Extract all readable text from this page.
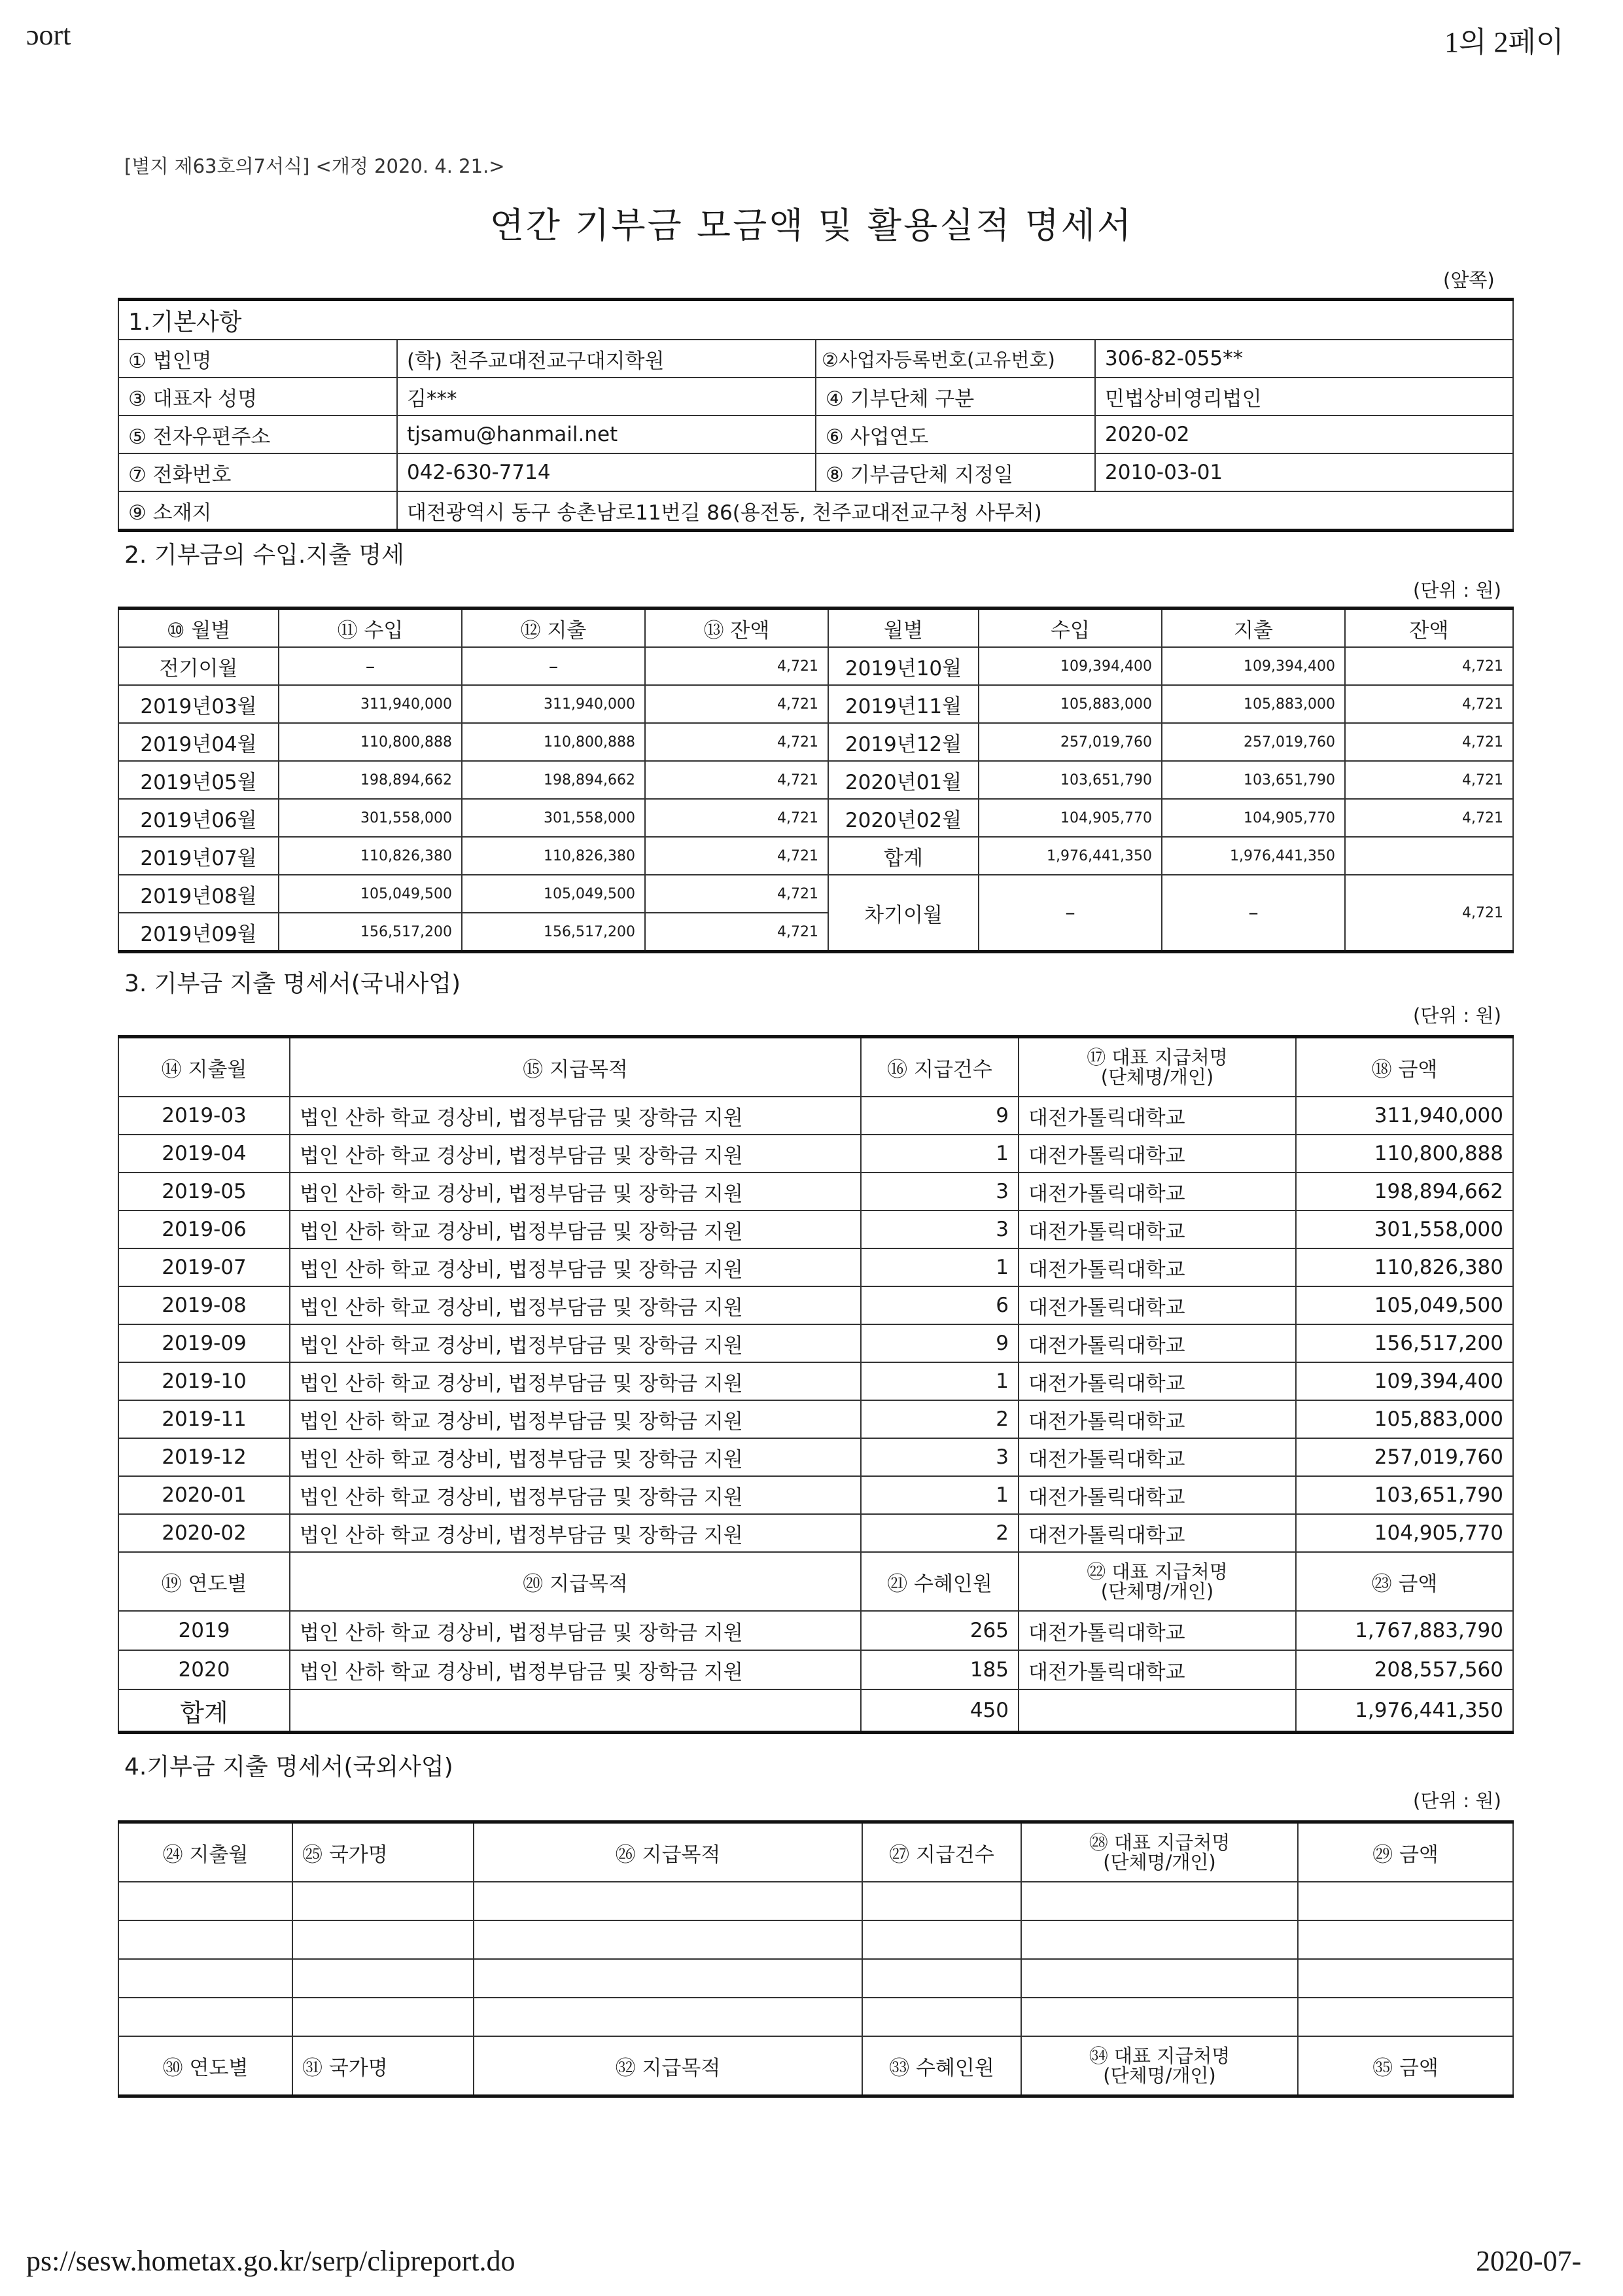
ɔort	1의 2페이
[별지 제63호의7서식] <개정 2020. 4. 21.>
연간 기부금 모금액 및 활용실적 명세서
(앞쪽)
1.기본사항			
① 법인명	(학) 천주교대전교구대지학원	②사업자등록번호(고유번호)	306-82-055**
③ 대표자 성명	김***	④ 기부단체 구분	민법상비영리법인
⑤ 전자우편주소	tjsamu@hanmail.net	⑥ 사업연도	2020-02
⑦ 전화번호	042-630-7714	⑧ 기부금단체 지정일	2010-03-01
⑨ 소재지	대전광역시 동구 송촌남로11번길 86(용전동, 천주교대전교구청 사무처)		
2. 기부금의 수입.지출 명세
(단위 : 원)
⑩ 월별	⑪ 수입	⑫ 지출	⑬ 잔액	월별	수입	지출	잔액
전기이월	–	–	4,721	2019년10월	109,394,400	109,394,400	4,721
2019년03월	311,940,000	311,940,000	4,721	2019년11월	105,883,000	105,883,000	4,721
2019년04월	110,800,888	110,800,888	4,721	2019년12월	257,019,760	257,019,760	4,721
2019년05월	198,894,662	198,894,662	4,721	2020년01월	103,651,790	103,651,790	4,721
2019년06월	301,558,000	301,558,000	4,721	2020년02월	104,905,770	104,905,770	4,721
2019년07월	110,826,380	110,826,380	4,721	합계	1,976,441,350	1,976,441,350	
2019년08월	105,049,500	105,049,500	4,721	차기이월	–	–	4,721
2019년09월	156,517,200	156,517,200	4,721				
3. 기부금 지출 명세서(국내사업)
(단위 : 원)
⑭ 지출월	⑮ 지급목적	⑯ 지급건수	⑰ 대표 지급처명
(단체명/개인)	⑱ 금액
2019-03	법인 산하 학교 경상비, 법정부담금 및 장학금 지원	9	대전가톨릭대학교	311,940,000
2019-04	법인 산하 학교 경상비, 법정부담금 및 장학금 지원	1	대전가톨릭대학교	110,800,888
2019-05	법인 산하 학교 경상비, 법정부담금 및 장학금 지원	3	대전가톨릭대학교	198,894,662
2019-06	법인 산하 학교 경상비, 법정부담금 및 장학금 지원	3	대전가톨릭대학교	301,558,000
2019-07	법인 산하 학교 경상비, 법정부담금 및 장학금 지원	1	대전가톨릭대학교	110,826,380
2019-08	법인 산하 학교 경상비, 법정부담금 및 장학금 지원	6	대전가톨릭대학교	105,049,500
2019-09	법인 산하 학교 경상비, 법정부담금 및 장학금 지원	9	대전가톨릭대학교	156,517,200
2019-10	법인 산하 학교 경상비, 법정부담금 및 장학금 지원	1	대전가톨릭대학교	109,394,400
2019-11	법인 산하 학교 경상비, 법정부담금 및 장학금 지원	2	대전가톨릭대학교	105,883,000
2019-12	법인 산하 학교 경상비, 법정부담금 및 장학금 지원	3	대전가톨릭대학교	257,019,760
2020-01	법인 산하 학교 경상비, 법정부담금 및 장학금 지원	1	대전가톨릭대학교	103,651,790
2020-02	법인 산하 학교 경상비, 법정부담금 및 장학금 지원	2	대전가톨릭대학교	104,905,770
⑲ 연도별	⑳ 지급목적	㉑ 수혜인원	㉒ 대표 지급처명
(단체명/개인)	㉓ 금액
2019	법인 산하 학교 경상비, 법정부담금 및 장학금 지원	265	대전가톨릭대학교	1,767,883,790
2020	법인 산하 학교 경상비, 법정부담금 및 장학금 지원	185	대전가톨릭대학교	208,557,560
합계		450		1,976,441,350
4.기부금 지출 명세서(국외사업)
(단위 : 원)
㉔ 지출월	㉕ 국가명	㉖ 지급목적	㉗ 지급건수	㉘ 대표 지급처명
(단체명/개인)	㉙ 금액

㉚ 연도별	㉛ 국가명	㉜ 지급목적	㉝ 수혜인원	㉞ 대표 지급처명
(단체명/개인)	㉟ 금액
ps://sesw.hometax.go.kr/serp/clipreport.do	2020-07-
